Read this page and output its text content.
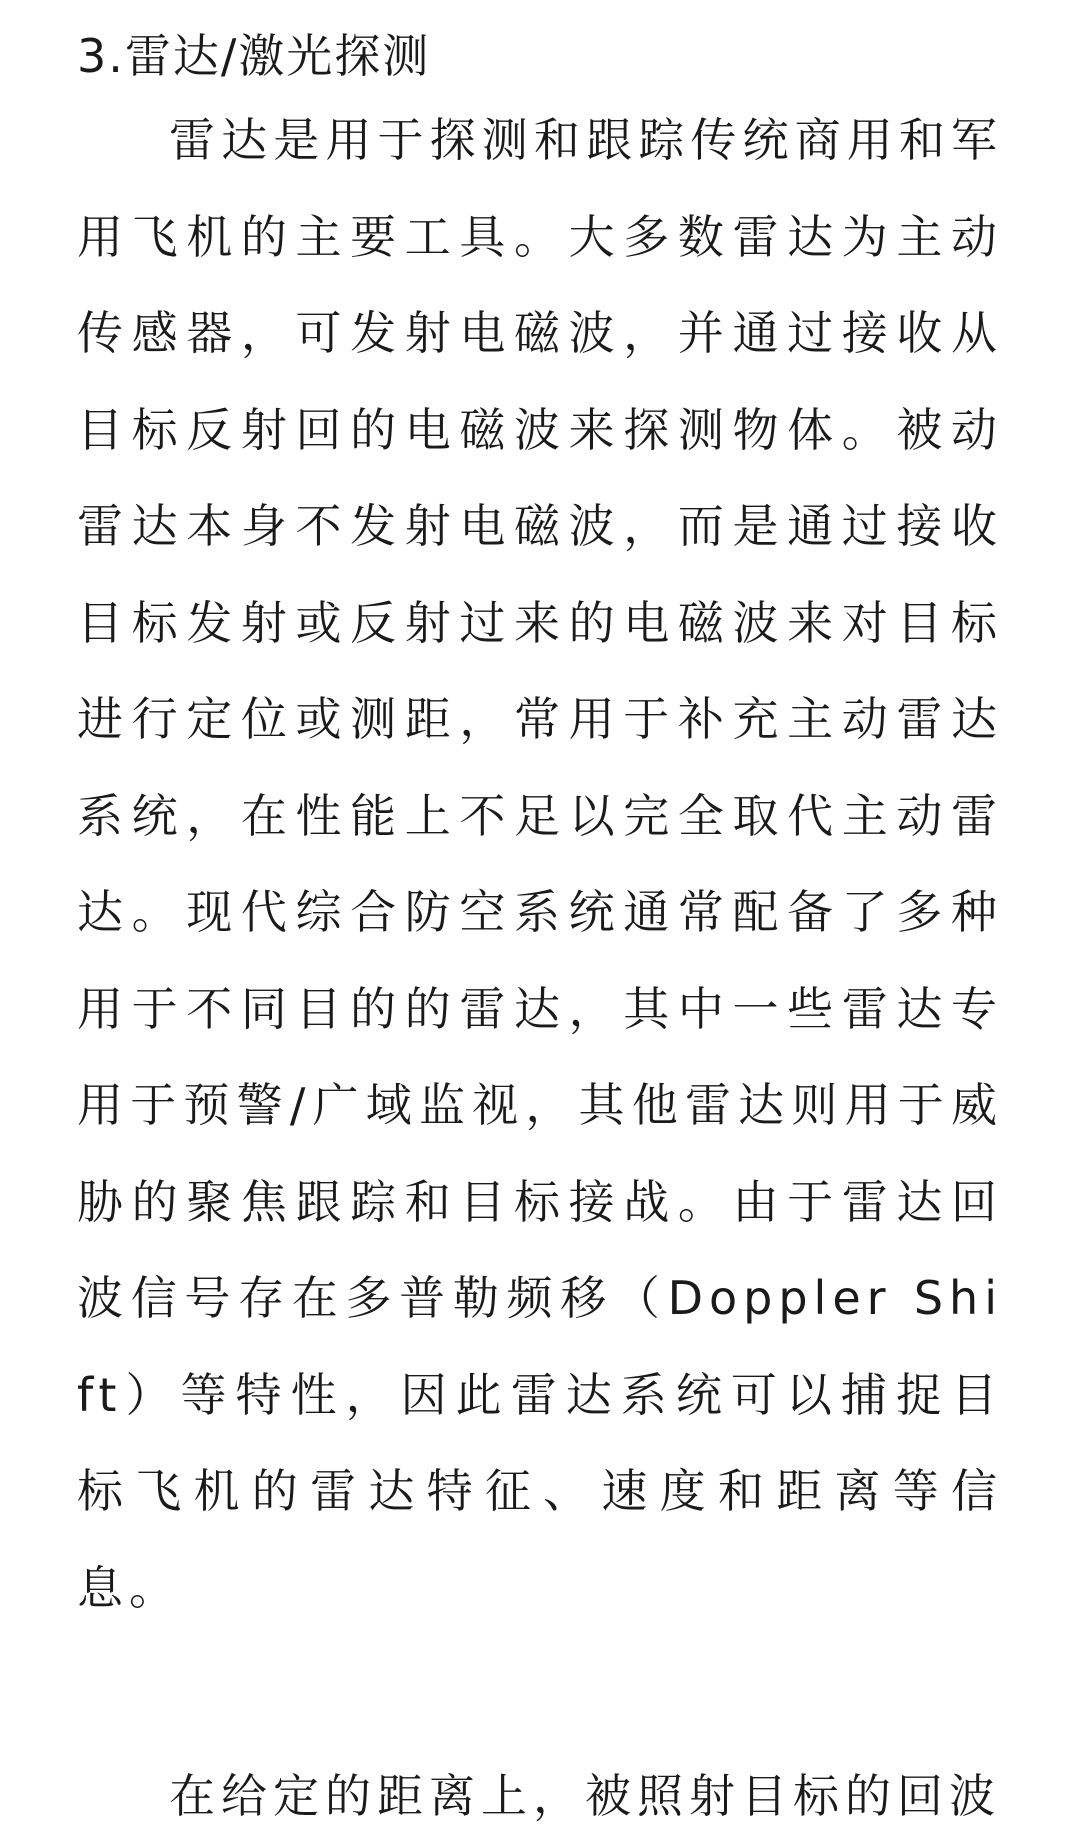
3.雷达/激光探测

雷达是用于探测和跟踪传统商用和军用飞机的主要工具。大多数雷达为主动传感器，可发射电磁波，并通过接收从目标反射回的电磁波来探测物体。被动雷达本身不发射电磁波，而是通过接收目标发射或反射过来的电磁波来对目标进行定位或测距，常用于补充主动雷达系统，在性能上不足以完全取代主动雷达。现代综合防空系统通常配备了多种用于不同目的的雷达，其中一些雷达专用于预警/广域监视，其他雷达则用于威胁的聚焦跟踪和目标接战。由于雷达回波信号存在多普勒频移（Doppler Shift）等特性，因此雷达系统可以捕捉目标飞机的雷达特征、速度和距离等信息。

在给定的距离上，被照射目标的回波
